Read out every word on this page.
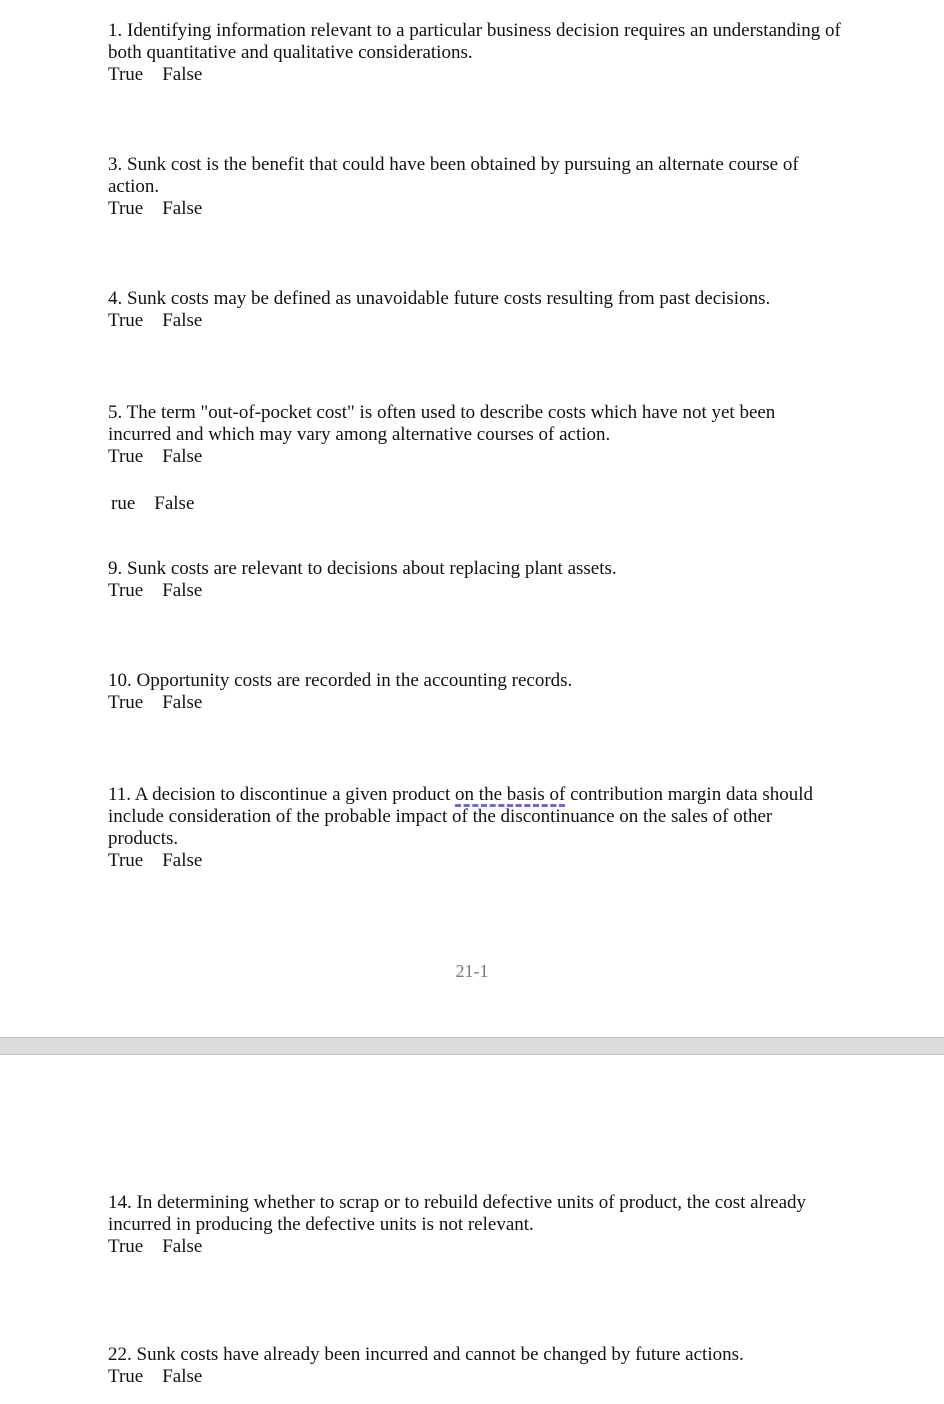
1. Identifying information relevant to a particular business decision requires an understanding of both quantitative and qualitative considerations.
True False
3. Sunk cost is the benefit that could have been obtained by pursuing an alternate course of action.
True False
4. Sunk costs may be defined as unavoidable future costs resulting from past decisions.
True False
5. The term "out-of-pocket cost" is often used to describe costs which have not yet been incurred and which may vary among alternative courses of action.
True False
rue False
9. Sunk costs are relevant to decisions about replacing plant assets.
True False
10. Opportunity costs are recorded in the accounting records.
True False
11. A decision to discontinue a given product on the basis of contribution margin data should include consideration of the probable impact of the discontinuance on the sales of other products.
True False
21-1
14. In determining whether to scrap or to rebuild defective units of product, the cost already incurred in producing the defective units is not relevant.
True False
22. Sunk costs have already been incurred and cannot be changed by future actions.
True False
